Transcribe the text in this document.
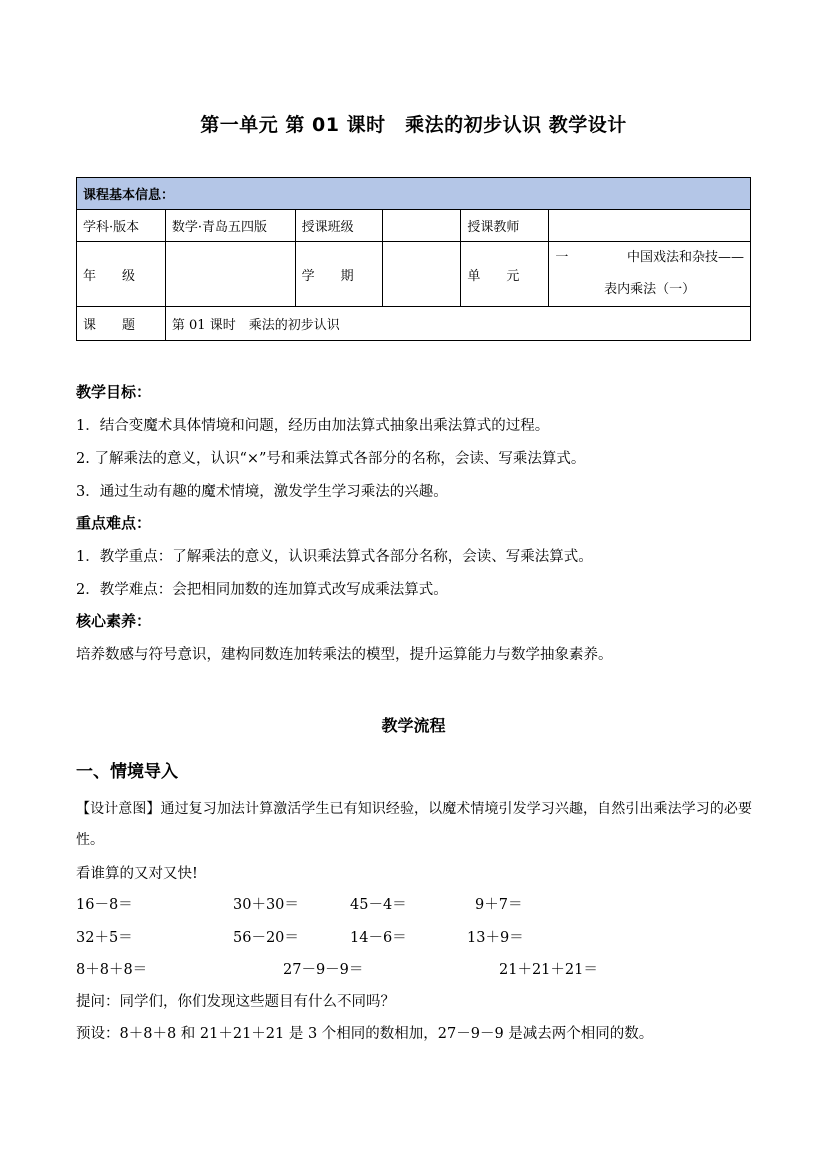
第一单元 第 01 课时　乘法的初步认识 教学设计
课程基本信息：					
学科·版本	数学·青岛五四版	授课班级		授课教师	
年　　级		学　　期		单　　元	一 中国戏法和杂技——
表内乘法（一）

课　　题	第 01 课时　乘法的初步认识				
教学目标：
1．结合变魔术具体情境和问题，经历由加法算式抽象出乘法算式的过程。
2. 了解乘法的意义，认识“×”号和乘法算式各部分的名称，会读、写乘法算式。
3．通过生动有趣的魔术情境，激发学生学习乘法的兴趣。
重点难点：
1．教学重点：了解乘法的意义，认识乘法算式各部分名称，会读、写乘法算式。
2．教学难点：会把相同加数的连加算式改写成乘法算式。
核心素养：
培养数感与符号意识，建构同数连加转乘法的模型，提升运算能力与数学抽象素养。
教学流程
一、情境导入
【设计意图】通过复习加法计算激活学生已有知识经验，以魔术情境引发学习兴趣，自然引出乘法学习的必要性。
看谁算的又对又快!
16－8＝	30＋30＝	45－4＝	9＋7＝
32＋5＝	56－20＝	14－6＝	13＋9＝
8＋8＋8＝	27－9－9＝	21＋21＋21＝
提问：同学们，你们发现这些题目有什么不同吗？
预设：8＋8＋8 和 21＋21＋21 是 3 个相同的数相加，27－9－9 是减去两个相同的数。
